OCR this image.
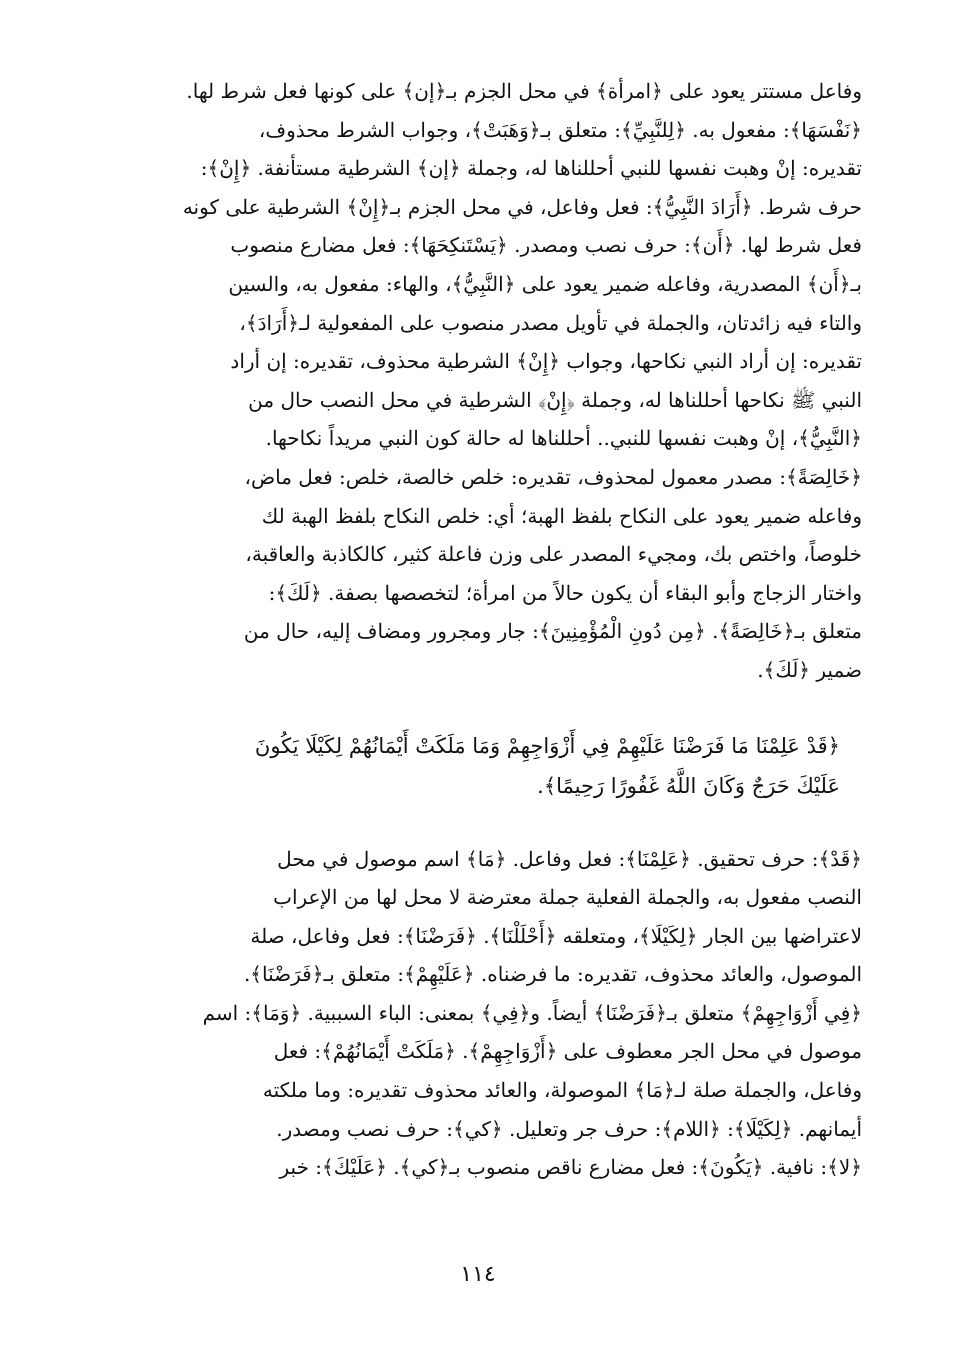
وفاعل مستتر يعود على ﴿امرأة﴾ في محل الجزم بـ﴿إن﴾ على كونها فعل شرط لها.
﴿نَفْسَهَا﴾: مفعول به. ﴿لِلنَّبِيِّ﴾: متعلق بـ﴿وَهَبَتْ﴾، وجواب الشرط محذوف،
تقديره: إنْ وهبت نفسها للنبي أحللناها له، وجملة ﴿إن﴾ الشرطية مستأنفة. ﴿إِنْ﴾:
حرف شرط. ﴿أَرَادَ النَّبِيُّ﴾: فعل وفاعل، في محل الجزم بـ﴿إِنْ﴾ الشرطية على كونه
فعل شرط لها. ﴿أَن﴾: حرف نصب ومصدر. ﴿يَسْتَنكِحَهَا﴾: فعل مضارع منصوب
بـ﴿أَن﴾ المصدرية، وفاعله ضمير يعود على ﴿النَّبِيُّ﴾، والهاء: مفعول به، والسين
والتاء فيه زائدتان، والجملة في تأويل مصدر منصوب على المفعولية لـ﴿أَرَادَ﴾،
تقديره: إن أراد النبي نكاحها، وجواب ﴿إِنْ﴾ الشرطية محذوف، تقديره: إن أراد
النبي ﷺ نكاحها أحللناها له، وجملة ﴿إِنْ﴾ الشرطية في محل النصب حال من
﴿النَّبِيُّ﴾، إنْ وهبت نفسها للنبي.. أحللناها له حالة كون النبي مريداً نكاحها.
﴿خَالِصَةً﴾: مصدر معمول لمحذوف، تقديره: خلص خالصة، خلص: فعل ماض،
وفاعله ضمير يعود على النكاح بلفظ الهبة؛ أي: خلص النكاح بلفظ الهبة لك
خلوصاً، واختص بك، ومجيء المصدر على وزن فاعلة كثير، كالكاذبة والعاقبة،
واختار الزجاج وأبو البقاء أن يكون حالاً من امرأة؛ لتخصصها بصفة. ﴿لَكَ﴾:
متعلق بـ﴿خَالِصَةً﴾. ﴿مِن دُونِ الْمُؤْمِنِينَ﴾: جار ومجرور ومضاف إليه، حال من
ضمير ﴿لَكَ﴾.
﴿قَدْ عَلِمْنَا مَا فَرَضْنَا عَلَيْهِمْ فِي أَزْوَاجِهِمْ وَمَا مَلَكَتْ أَيْمَانُهُمْ لِكَيْلَا يَكُونَ
عَلَيْكَ حَرَجٌ وَكَانَ اللَّهُ غَفُورًا رَحِيمًا﴾.
﴿قَدْ﴾: حرف تحقيق. ﴿عَلِمْنَا﴾: فعل وفاعل. ﴿مَا﴾ اسم موصول في محل
النصب مفعول به، والجملة الفعلية جملة معترضة لا محل لها من الإعراب
لاعتراضها بين الجار ﴿لِكَيْلَا﴾، ومتعلقه ﴿أَحْلَلْنَا﴾. ﴿فَرَضْنَا﴾: فعل وفاعل، صلة
الموصول، والعائد محذوف، تقديره: ما فرضناه. ﴿عَلَيْهِمْ﴾: متعلق بـ﴿فَرَضْنَا﴾.
﴿فِي أَزْوَاجِهِمْ﴾ متعلق بـ﴿فَرَضْنَا﴾ أيضاً. و﴿فِي﴾ بمعنى: الباء السببية. ﴿وَمَا﴾: اسم
موصول في محل الجر معطوف على ﴿أَزْوَاجِهِمْ﴾. ﴿مَلَكَتْ أَيْمَانُهُمْ﴾: فعل
وفاعل، والجملة صلة لـ﴿مَا﴾ الموصولة، والعائد محذوف تقديره: وما ملكته
أيمانهم. ﴿لِكَيْلَا﴾: ﴿اللام﴾: حرف جر وتعليل. ﴿كي﴾: حرف نصب ومصدر.
﴿لا﴾: نافية. ﴿يَكُونَ﴾: فعل مضارع ناقص منصوب بـ﴿كي﴾. ﴿عَلَيْكَ﴾: خبر
١١٤
